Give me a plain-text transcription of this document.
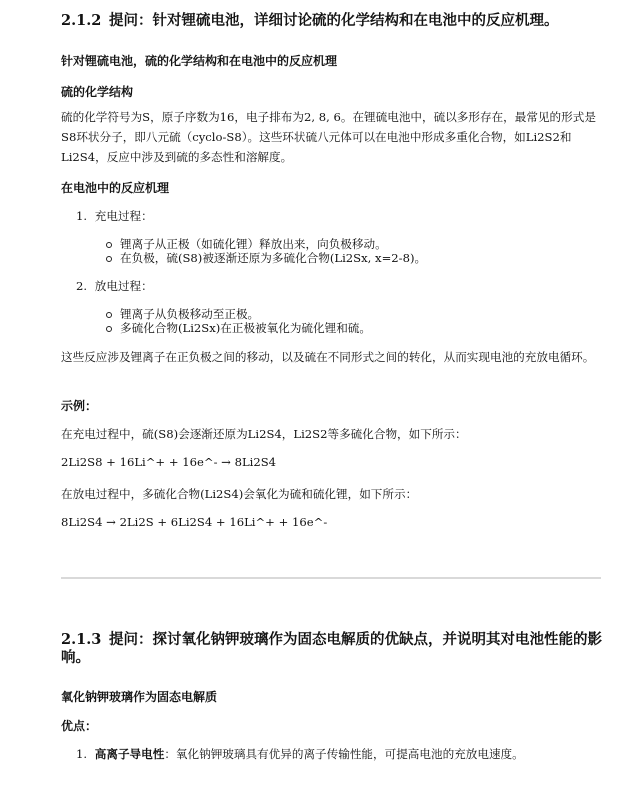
2.1.2 提问：针对锂硫电池，详细讨论硫的化学结构和在电池中的反应机理。
针对锂硫电池，硫的化学结构和在电池中的反应机理
硫的化学结构
硫的化学符号为S，原子序数为16，电子排布为2, 8, 6。在锂硫电池中，硫以多形存在，最常见的形式是S8环状分子，即八元硫（cyclo-S8）。这些环状硫八元体可以在电池中形成多重化合物，如Li2S2和Li2S4，反应中涉及到硫的多态性和溶解度。
在电池中的反应机理
1. 充电过程：
锂离子从正极（如硫化锂）释放出来，向负极移动。
在负极，硫(S8)被逐渐还原为多硫化合物(Li2Sx, x=2-8)。
2. 放电过程：
锂离子从负极移动至正极。
多硫化合物(Li2Sx)在正极被氧化为硫化锂和硫。
这些反应涉及锂离子在正负极之间的移动，以及硫在不同形式之间的转化，从而实现电池的充放电循环。
示例：
在充电过程中，硫(S8)会逐渐还原为Li2S4，Li2S2等多硫化合物，如下所示：
2Li2S8 + 16Li^+ + 16e^- → 8Li2S4
在放电过程中，多硫化合物(Li2S4)会氧化为硫和硫化锂，如下所示：
8Li2S4 → 2Li2S + 6Li2S4 + 16Li^+ + 16e^-
2.1.3 提问：探讨氧化钠钾玻璃作为固态电解质的优缺点，并说明其对电池性能的影
响。
氧化钠钾玻璃作为固态电解质
优点：
1. 高离子导电性：氧化钠钾玻璃具有优异的离子传输性能，可提高电池的充放电速度。
